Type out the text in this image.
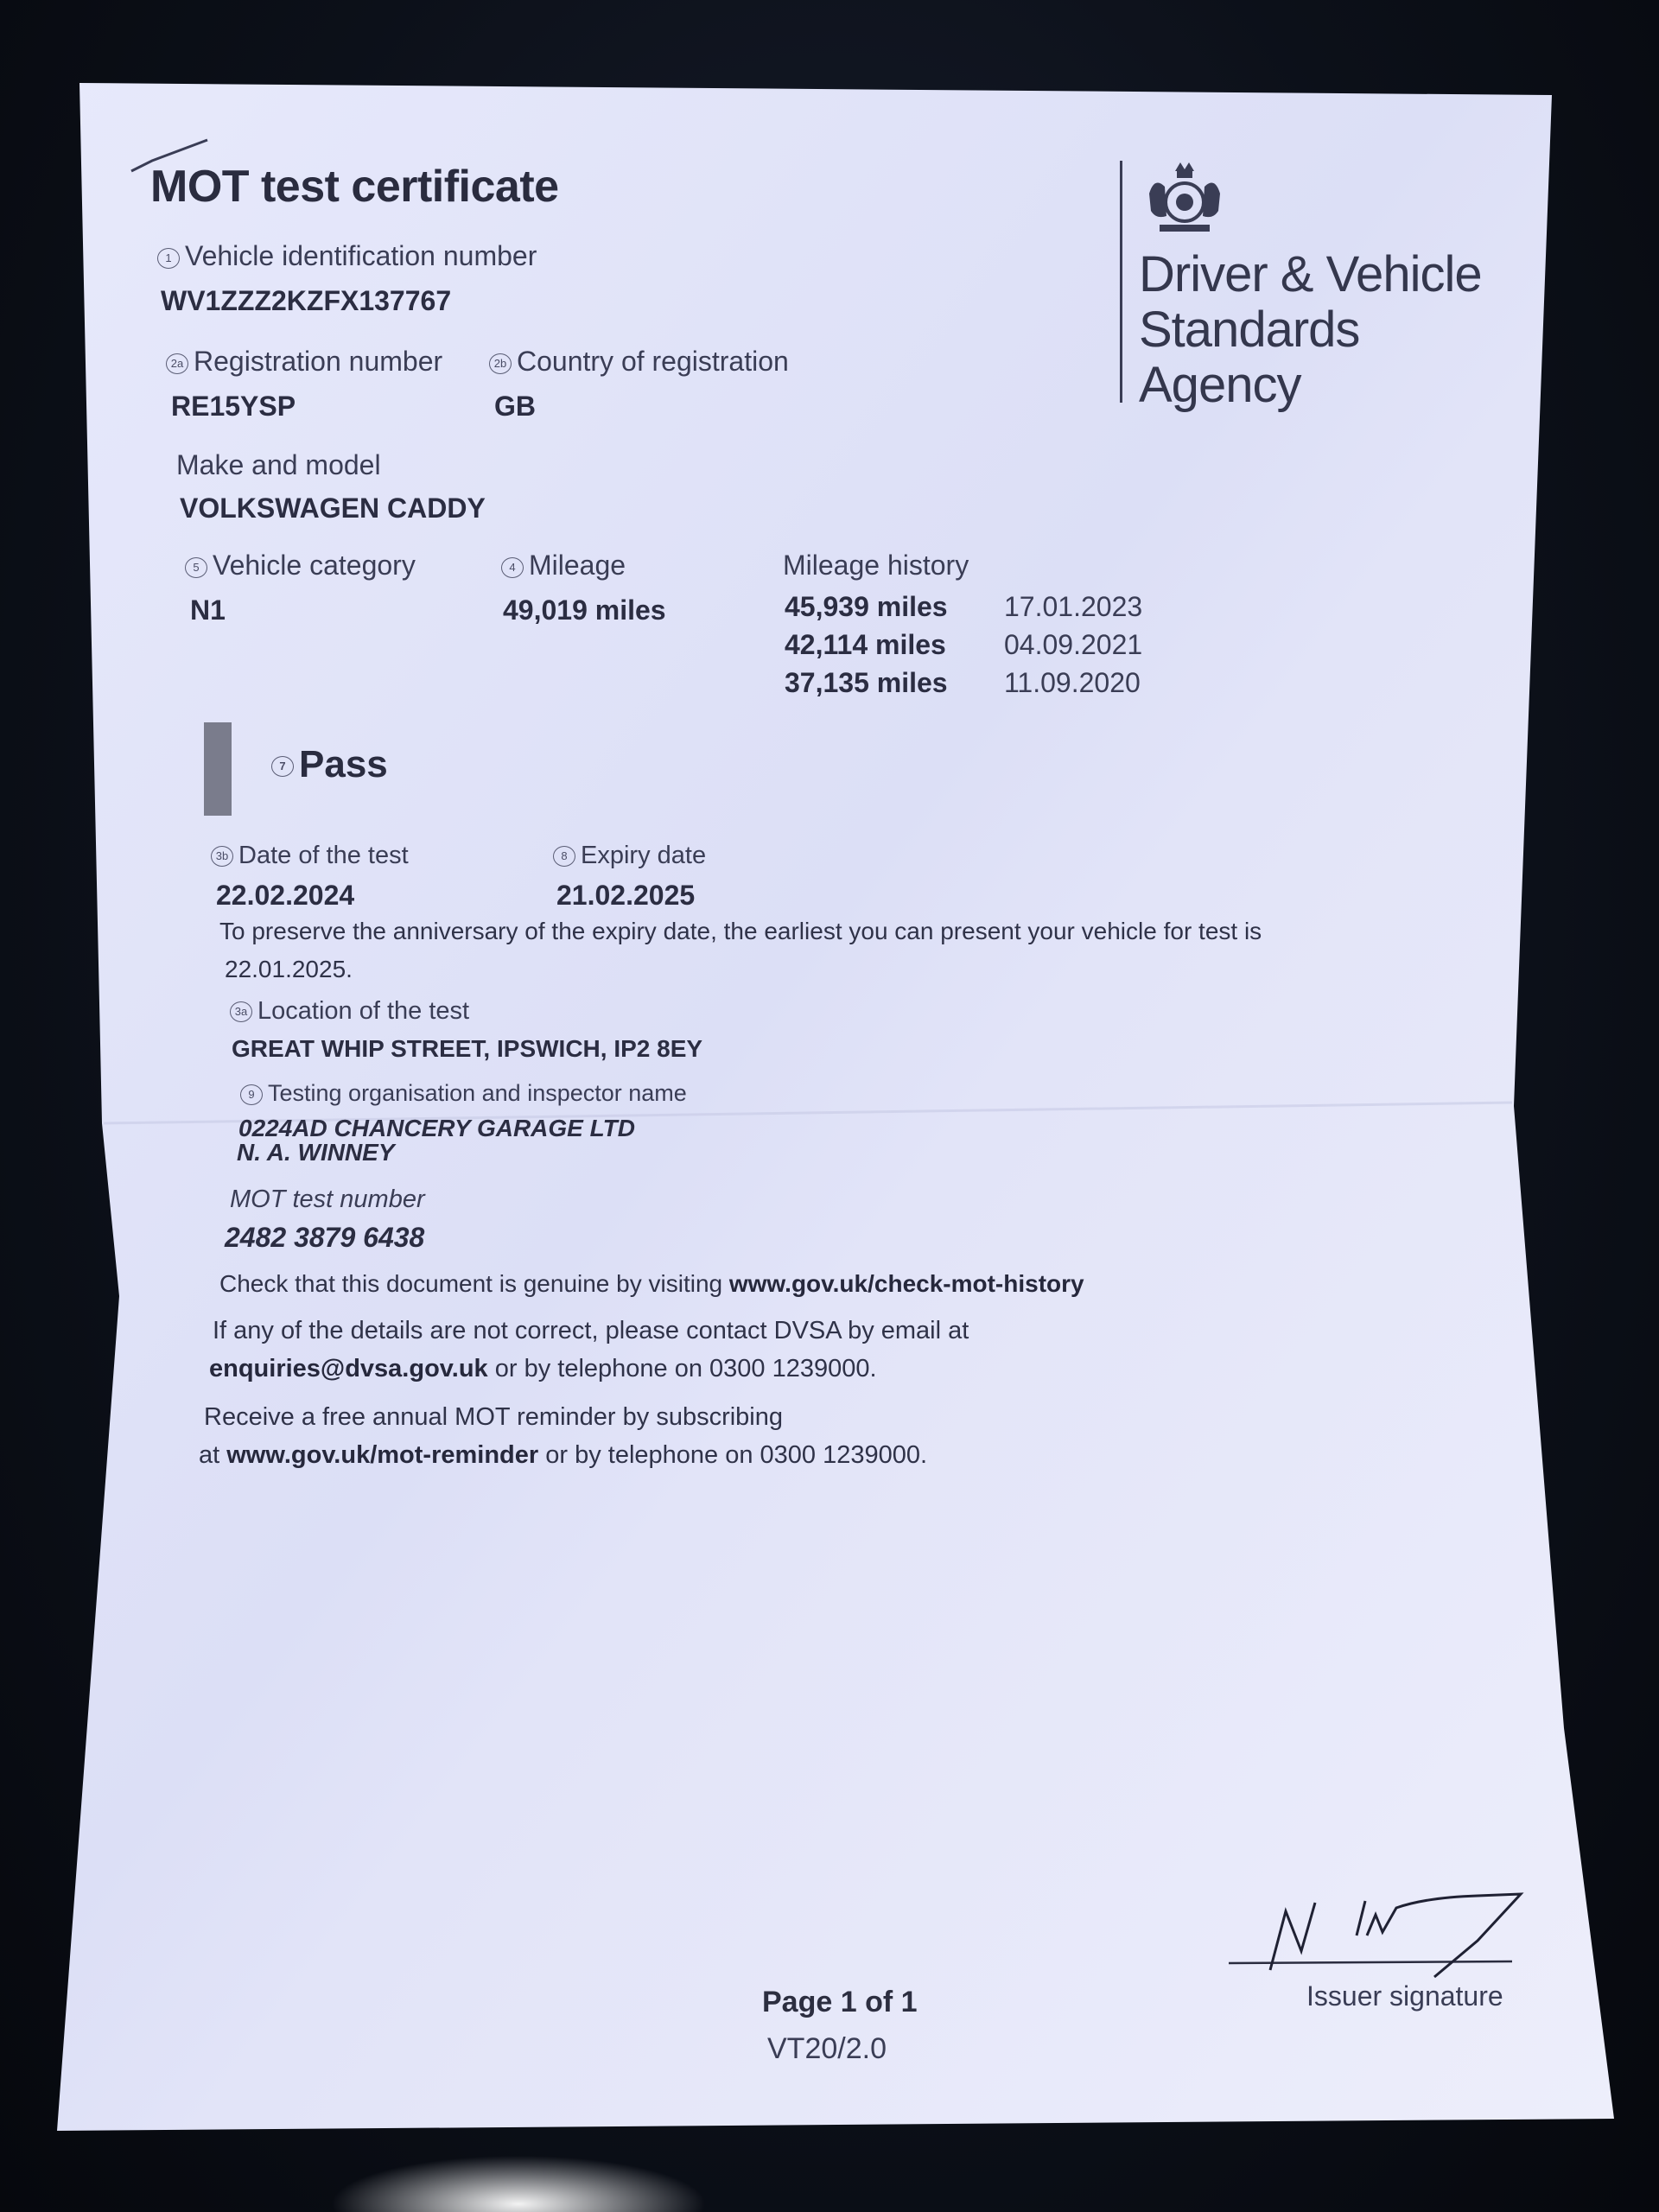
MOT test certificate
Driver & Vehicle
Standards
Agency
1 Vehicle identification number
WV1ZZZ2KZFX137767
2a Registration number
RE15YSP
2b Country of registration
GB
Make and model
VOLKSWAGEN CADDY
5 Vehicle category
N1
4 Mileage
49,019 miles
Mileage history
45,939 miles 17.01.2023
42,114 miles 04.09.2021
37,135 miles 11.09.2020
7 Pass
3b Date of the test
22.02.2024
8 Expiry date
21.02.2025
To preserve the anniversary of the expiry date, the earliest you can present your vehicle for test is
22.01.2025.
3a Location of the test
GREAT WHIP STREET, IPSWICH, IP2 8EY
9 Testing organisation and inspector name
0224AD CHANCERY GARAGE LTD
N. A. WINNEY
MOT test number
2482 3879 6438
Check that this document is genuine by visiting www.gov.uk/check-mot-history
If any of the details are not correct, please contact DVSA by email at
enquiries@dvsa.gov.uk or by telephone on 0300 1239000.
Receive a free annual MOT reminder by subscribing
at www.gov.uk/mot-reminder or by telephone on 0300 1239000.
Page 1 of 1
VT20/2.0
Issuer signature
